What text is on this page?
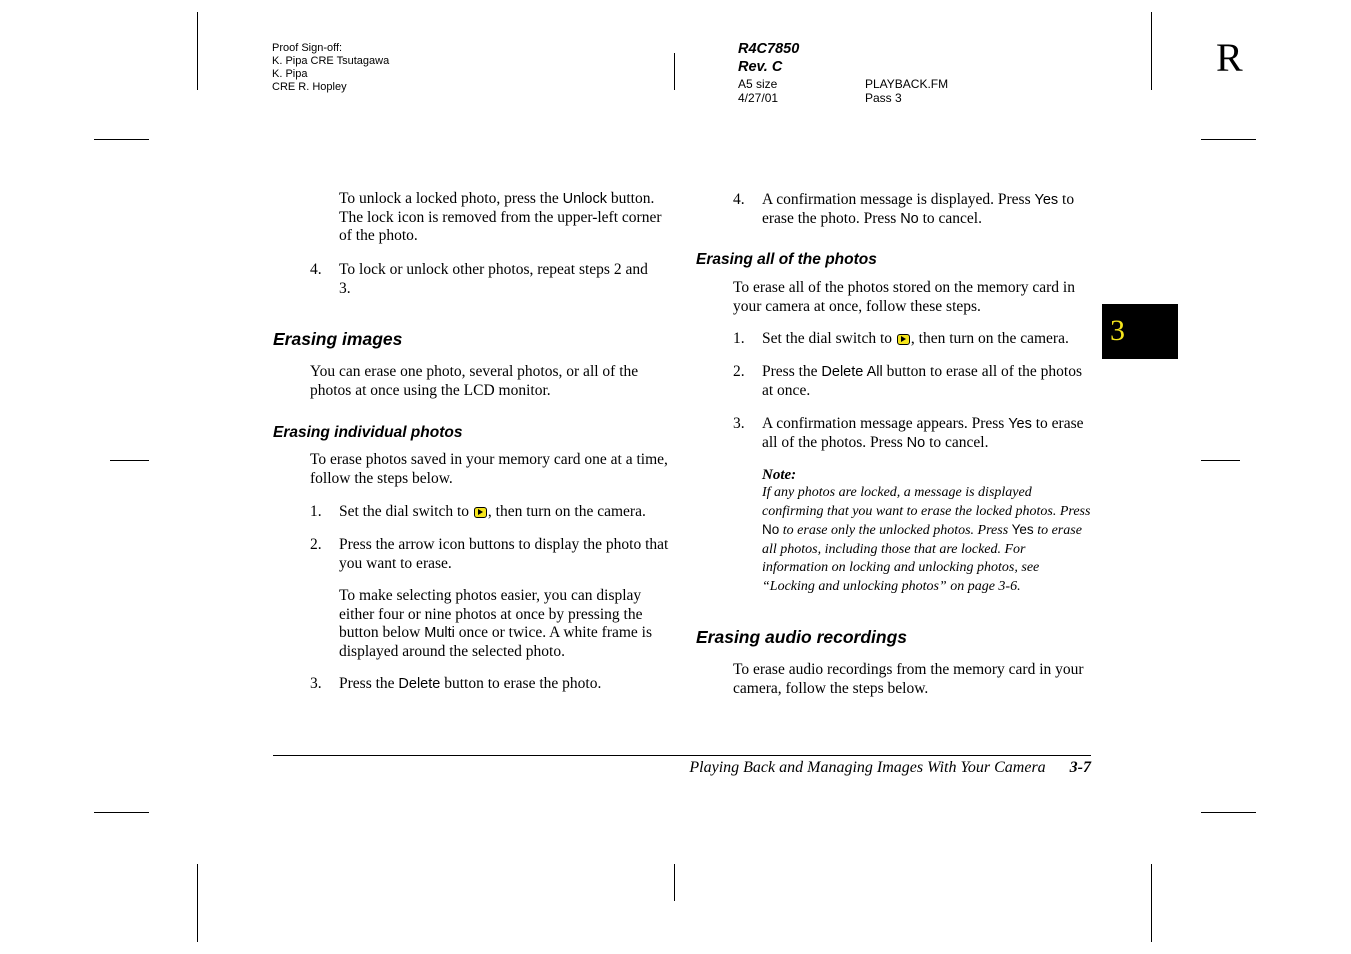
Proof Sign-off:
K. Pipa CRE Tsutagawa
K. Pipa
CRE R. Hopley
R4C7850
Rev. C
A5 size
4/27/01
PLAYBACK.FM
Pass 3
R
To unlock a locked photo, press the Unlock button. The lock icon is removed from the upper-left corner of the photo.
4. To lock or unlock other photos, repeat steps 2 and 3.
Erasing images
You can erase one photo, several photos, or all of the photos at once using the LCD monitor.
Erasing individual photos
To erase photos saved in your memory card one at a time, follow the steps below.
1. Set the dial switch to , then turn on the camera.
2. Press the arrow icon buttons to display the photo that you want to erase.
To make selecting photos easier, you can display either four or nine photos at once by pressing the button below Multi once or twice. A white frame is displayed around the selected photo.
3. Press the Delete button to erase the photo.
4. A confirmation message is displayed. Press Yes to erase the photo. Press No to cancel.
Erasing all of the photos
To erase all of the photos stored on the memory card in your camera at once, follow these steps.
1. Set the dial switch to , then turn on the camera.
2. Press the Delete All button to erase all of the photos at once.
3. A confirmation message appears. Press Yes to erase all of the photos. Press No to cancel.
Note:
If any photos are locked, a message is displayed confirming that you want to erase the locked photos. Press No to erase only the unlocked photos. Press Yes to erase all photos, including those that are locked. For information on locking and unlocking photos, see “Locking and unlocking photos” on page 3-6.
Erasing audio recordings
To erase audio recordings from the memory card in your camera, follow the steps below.
3
Playing Back and Managing Images With Your Camera 3-7
